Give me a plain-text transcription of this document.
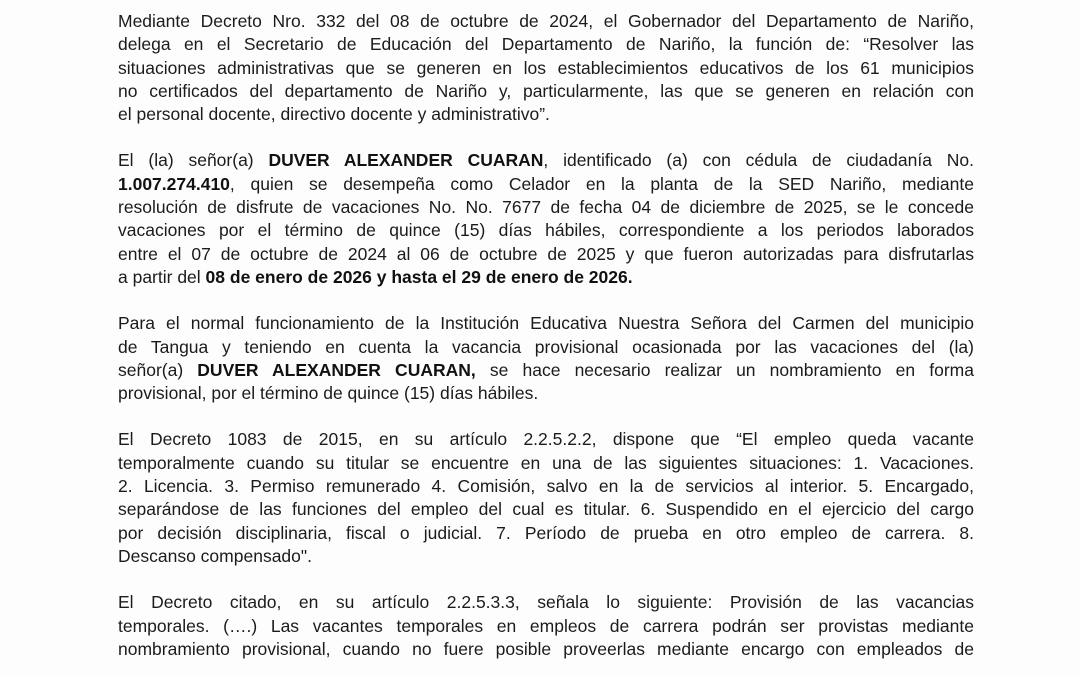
Mediante Decreto Nro. 332 del 08 de octubre de 2024, el Gobernador del Departamento de Nariño,
delega en el Secretario de Educación del Departamento de Nariño, la función de: “Resolver las
situaciones administrativas que se generen en los establecimientos educativos de los 61 municipios
no certificados del departamento de Nariño y, particularmente, las que se generen en relación con
el personal docente, directivo docente y administrativo”.

El (la) señor(a) DUVER ALEXANDER CUARAN, identificado (a) con cédula de ciudadanía No.
1.007.274.410, quien se desempeña como Celador en la planta de la SED Nariño, mediante
resolución de disfrute de vacaciones No. No. 7677 de fecha 04 de diciembre de 2025, se le concede
vacaciones por el término de quince (15) días hábiles, correspondiente a los periodos laborados
entre el 07 de octubre de 2024 al 06 de octubre de 2025 y que fueron autorizadas para disfrutarlas
a partir del 08 de enero de 2026 y hasta el 29 de enero de 2026.

Para el normal funcionamiento de la Institución Educativa Nuestra Señora del Carmen del municipio
de Tangua y teniendo en cuenta la vacancia provisional ocasionada por las vacaciones del (la)
señor(a) DUVER ALEXANDER CUARAN, se hace necesario realizar un nombramiento en forma
provisional, por el término de quince (15) días hábiles.

El Decreto 1083 de 2015, en su artículo 2.2.5.2.2, dispone que “El empleo queda vacante
temporalmente cuando su titular se encuentre en una de las siguientes situaciones: 1. Vacaciones.
2. Licencia. 3. Permiso remunerado 4. Comisión, salvo en la de servicios al interior. 5. Encargado,
separándose de las funciones del empleo del cual es titular. 6. Suspendido en el ejercicio del cargo
por decisión disciplinaria, fiscal o judicial. 7. Período de prueba en otro empleo de carrera. 8.
Descanso compensado".

El Decreto citado, en su artículo 2.2.5.3.3, señala lo siguiente: Provisión de las vacancias
temporales. (….) Las vacantes temporales en empleos de carrera podrán ser provistas mediante
nombramiento provisional, cuando no fuere posible proveerlas mediante encargo con empleados de
